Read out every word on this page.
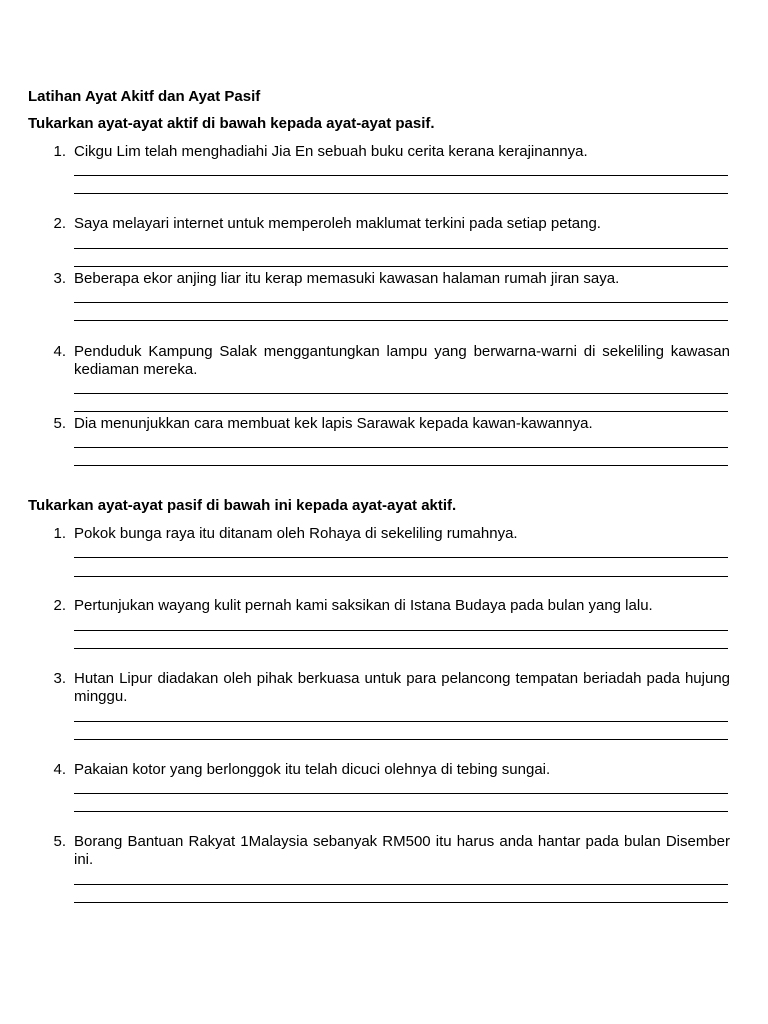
Latihan Ayat Akitf dan Ayat Pasif
Tukarkan ayat-ayat aktif di bawah kepada ayat-ayat pasif.
1. Cikgu Lim telah menghadiahi Jia En sebuah buku cerita kerana kerajinannya.
2. Saya melayari internet untuk memperoleh maklumat terkini pada setiap petang.
3. Beberapa ekor anjing liar itu kerap memasuki kawasan halaman rumah jiran saya.
4. Penduduk Kampung Salak menggantungkan lampu yang berwarna-warni di sekeliling kawasan kediaman mereka.
5. Dia menunjukkan cara membuat kek lapis Sarawak kepada kawan-kawannya.
Tukarkan ayat-ayat pasif di bawah ini kepada ayat-ayat aktif.
1. Pokok bunga raya itu ditanam oleh Rohaya di sekeliling rumahnya.
2. Pertunjukan wayang kulit pernah kami saksikan di Istana Budaya pada bulan yang lalu.
3. Hutan Lipur diadakan oleh pihak berkuasa untuk para pelancong tempatan beriadah pada hujung minggu.
4. Pakaian kotor yang berlonggok itu telah dicuci olehnya di tebing sungai.
5. Borang Bantuan Rakyat 1Malaysia sebanyak RM500 itu harus anda hantar pada bulan Disember ini.
